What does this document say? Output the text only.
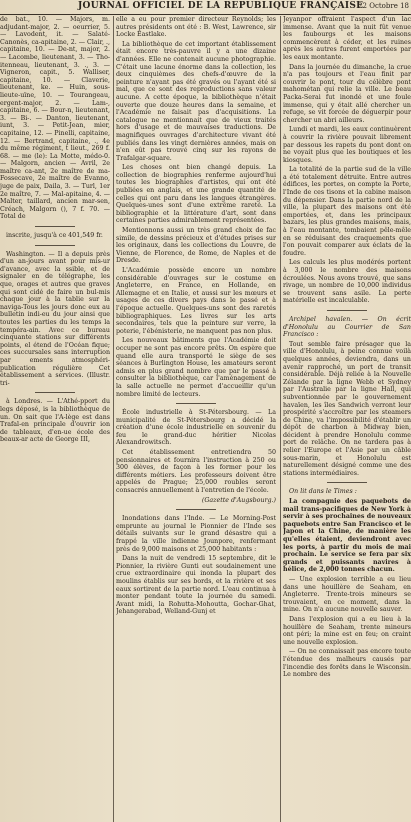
JOURNAL OFFICIEL DE LA REPUBLIQUE FRANÇAISE
22 Octobre 18

de bat., 10. — Majors, m. adjudant-major, 2. — oeurrier, 5. — Lavodent, it. — Salaté-Canonès, ca-apitaine, 2. — Clair, ., capitaine, 10. — De-nt, major, 2. — Lacombe, lieutenant, 3. — Tho-itenneau, lieutenant, 3. ., 3. — Vigneron, capit., 5. Walliser, capitaine, 10. — Claverie, lieutenant, ke. — Huin, sous-lieute-uïne, 10. — Tourangeau, ergent-major, 2. — Lam-, capitaine, 6. — Bour-n, lieutenant, 3. — Bi-. — Danton, lieutenant, iunt, 3. — Petit-Jean, mier, capitaine, 12. — Pinelli, capitaine, 12. — Bertrand, capitaine, ., 4e du même régiment, t lieut., 269 f. 68. — me (le): La Motte, médo-0. — Malgorn, ancien — Avril, 2e maître ca-ant, 2e maître de ma-Fossecave, 2e maître de Evanno, juge de paix, Daila, 3. — Turl, 1er 2e maître, 7. — Mal-apitaine, 4. — Malter, taillard, ancien mar-sen, Créach, Malgorn (), 7 f. 70. — Total de

inscrite, jusqu'à ce 401,549 fr.

Washington. — Il a depuis près d'un an-jours avant pour mis-ur d'avance, avec la ssible, et de signaler en de télégraphe, les que, orages et autres que graves qui sont cidé de faire un bul-mis chaque jour à la tablie sur la naviga-Tous les jours donc eux au bulletin indi-eu du jour ainsi que toutes les parties du les temps la tempéra-ain. Avec ce bureau cinquante stations sur différents points, el étend de l'Océan fique; ces succursales sans interruption par ements atmosphéri-publication régulière Cet établissement a services. (Illustr. tri-

à Londres. — L'Athé-pport du legs déposé, is la bibliothèque de un. On sait que l'A-lège est dans Trafal-en principale d'ouvrir ion de tableaux, d'en-ue école des beaux-ar acte de George III,

elle a eu pour premier directeur Reynolds; les autres présidents ont été : B. West, Lawrence, sir Locke Eastlake.

La bibliothèque de cet important établissement était encore très-pauvre il y a une dizaine d'années. Elle ne contenait aucune photographie. C'était une lacune énorme dans la collection, les deux cinquièmes des chefs-d'œuvre de la peinture n'ayant pas été gravés ou l'ayant été si mal, que ce sont des reproductions sans valeur aucune. A cette époque, la bibliothèque n'était ouverte que douze heures dans la semaine, et l'Académie ne faisait pas d'acquisitions. La catalogue ne mentionnait que de vieux traités hors d'usage et de mauvaises traductions. De magnifiques ouvrages d'architecture vivant été publiés dans les vingt dernières années, mais on n'en eût pas trouvé cinq sur les rayons de Trafalgar-square.

Les choses ont bien changé depuis. La collection de biographies renferme aujourd'hui toutes les biographies d'artistes, qui ont été publiées en anglais, et une grande quantité de celles qui ont paru dans les langues étrangères. Quelques-unes sont d'une extrême rareté. La bibliographie et la littérature d'art, sont dans certaines parties admirablement représentées.

Mentionnons aussi un très grand choix de fac simile, de dessins précieux et d'études prises sur les originaux, dans les collections du Louvre, de Vienne, de Florence, de Rome, de Naples et de Dresde.

L'Académie possède encore un nombre considérable d'ouvrages sur le costume en Angleterre, en France, en Hollande, en Allemagne et en Italie, et aussi sur les mœurs et usages de ces divers pays dans le passé et à l'époque actuelle. Quelques-uns sont des raretés bibliographiques. Les livres sur les arts secondaires, tels que la peinture sur verre, la poterie, l'ébénisterie, ne manquent pas non plus.

Les nouveaux bâtiments que l'Académie doit occuper ne sont pas encore prêts. On espère que quand elle aura transporté le siège de ses séances à Burlington House, les amateurs seront admis en plus grand nombre que par le passé à consulter la bibliothèque, car l'aménagement de la salle actuelle ne permet d'accueillir qu'un nombre limité de lecteurs.

École industrielle à St-Pétersbourg. — La municipalité de St-Pétersbourg a décidé la création d'une école industrielle en souvenir du feu le grand-duc héritier Nicolas Alexandrowitsch.

Cet établissement entretiendra 50 pensionnaires et fournira l'instruction à 250 ou 300 élèves, de façon à les former pour les différents métiers. Les professeurs doivent être appelés de Prague; 25,000 roubles seront consacrés annuellement à l'entretien de l'école.

(Gazette d'Augsbourg.)

Inondations dans l'Inde. — Le Morning-Post emprunte au journal le Pionnier de l'Inde ses détails suivants sur le grand désastre qui a frappé la ville indienne Jounpore, renfermant près de 9,000 maisons et 25,000 habitants :

Dans la nuit de vendredi 15 septembre, dit le Pionnier, la rivière Gunti eut soudainement une crue extraordinaire qui inonda la plupart des moulins établis sur ses bords, et la rivière et ses eaux sortirent de la partie nord. L'eau continua à monter pendant toute la journée du samedi. Avant midi, la Rohutta-Mohoutta, Gochar-Ghat, Jehangerabad, Welland-Gunj et

Jeyanpor offraient l'aspect d'un lac immense. Avant que la nuit fût venue les faubourgs et les maisons commencèrent à céder, et les ruines après les autres furent emportées par les eaux montante.

Dans la journée du dimanche, la crue n'a pas toujours et l'eau finit par couvrir le pont, tour du célèbre pont mahométan qui relie la ville. Le beau Packa-Serai fut inondé et une foule immense, qui y était allé chercher un refuge, se vit forcée de déguerpir pour chercher un abri ailleurs.

Lundi et mardi, les eaux continuèrent à couvrir la rivière pouvait librement par dessous les rapets du pont dont on ne voyait plus que les boutiques et les kiosques.

La totalité de la partie sud de la ville a été totalement détruite. Entre autres édifices, les portes, on compte la Porte, l'Inde de ces tisons et la cabine maison du dépensier. Dans la partie nord de la ville, la plupart des maisons ont été emportées, et, dans les principaux bazars, les plus grandes maisons, mais, à l'eau montante, tombaient pêle-mêle en se réduisant des craquements que l'on pouvait comparer aux éclats de la foudre.

Les calculs les plus modérés portent à 3,000 le nombre des maisons écroulées. Nous avons trouvé, que sans rivage, un nombre de 10,000 individus se trouvent sans asile. La perte matérielle est incalculable.

Archipel havaïen. — On écrit d'Honolulu au Courrier de San Francisco :

Tout semble faire présager que la ville d'Honolulu, à peine connue voilà quelques années, deviendra, dans un avenir rapproché, un port de transit considérable. Déjà reliée à la Nouvelle Zélande par la ligne Webb et Sydney par l'Australie par la ligne Hall, qui subventionnée par le gouvernement havaïen, les îles Sandwich verront leur prospérité s'accroître par les steamers de Chine, va l'impossibilité d'établir un dépôt de charbon à Midway bien, décident à prendre Honolulu comme port de relâche. On ne tardera pas à relier l'Europe et l'Asie par un câble sous-marin, et Honolulu est naturellement désigné comme une des stations intermédiaires.

On lit dans le Times :

La compagnie des paquebots de mail trans-pacifiques de New York à servir à ses prochaines de nouveaux paquebots entre San Francisco et le Japon et la Chine, de manière les qu'elles étaient, deviendront avec les ports, à partir du mois de mai prochain. Le service se fera par six grands et puissants navires à hélice, de 2,000 tonnes chacun.

— Une explosion terrible a eu lieu dans une houillère de Seaham, en Angleterre. Trente-trois mineurs se trouvaient, en ce moment, dans la mine. On n'a aucune nouvelle sauver.

Dans l'explosion qui a eu lieu à la houillère de Seaham, trente mineurs ont péri; la mine est en feu; on craint une nouvelle explosion.

— On ne connaissait pas encore toute l'étendue des malheurs causés par l'incendie des forêts dans le Wisconsin. Le nombre des
